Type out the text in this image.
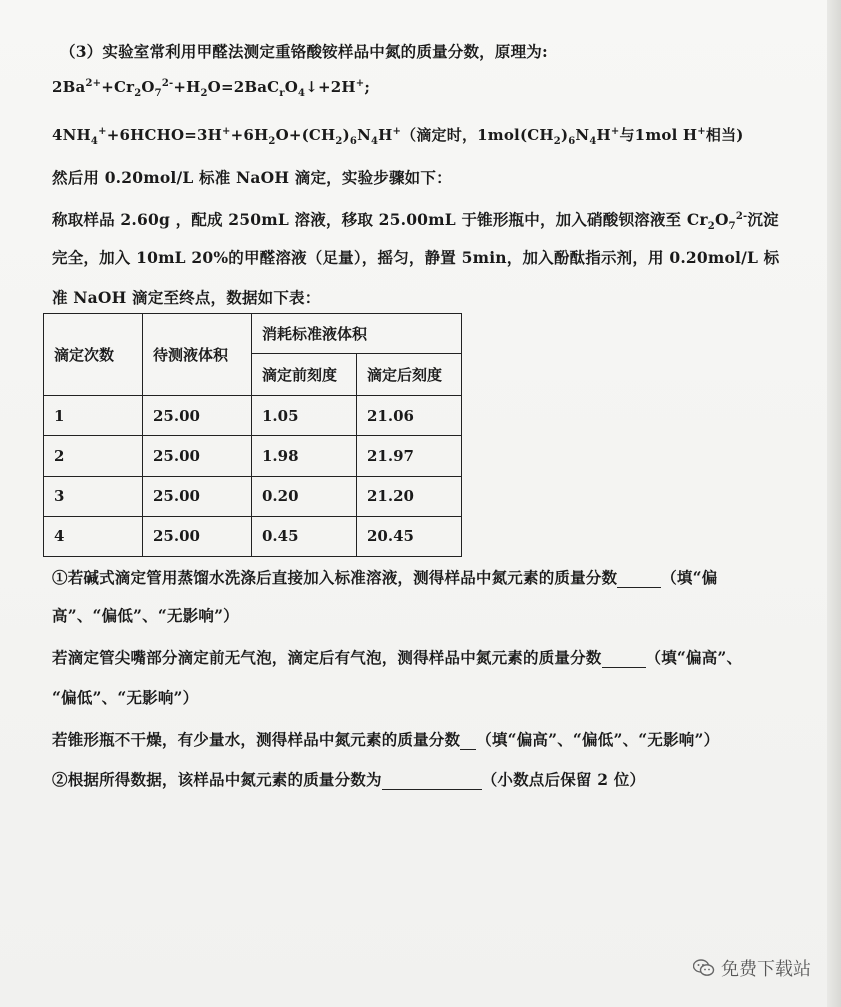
（3）实验室常利用甲醛法测定重铬酸铵样品中氮的质量分数，原理为:
$2Ba^{2+}+Cr_2O_7^{2-}+H_2O=2BaC_rO_4↓+2H^+$;
$4NH_4^++6HCHO=3H^++6H_2O+(CH_2)_6N_4H^+$（滴定时，$1mol(CH_2)_6N_4H^+$与1mol H+相当)
然后用 0.20mol/L 标准 NaOH 滴定，实验步骤如下：
称取样品 2.60g ，配成 250mL 溶液，移取 25.00mL 于锥形瓶中，加入硝酸钡溶液至 $Cr_2O_7^{2-}$沉淀
完全，加入 10mL 20%的甲醛溶液（足量），摇匀，静置 5min，加入酚酞指示剂，用 0.20mol/L 标
准 NaOH 滴定至终点，数据如下表：
滴定次数	待测液体积	消耗标准液体积	
		滴定前刻度	滴定后刻度
1	25.00	1.05	21.06
2	25.00	1.98	21.97
3	25.00	0.20	21.20
4	25.00	0.45	20.45
①若碱式滴定管用蒸馏水洗涤后直接加入标准溶液，测得样品中氮元素的质量分数	（填“偏
高”、“偏低”、“无影响”）
若滴定管尖嘴部分滴定前无气泡，滴定后有气泡，测得样品中氮元素的质量分数	（填“偏高”、
“偏低”、“无影响”）
若锥形瓶不干燥，有少量水，测得样品中氮元素的质量分数 （填“偏高”、“偏低”、“无影响”）
②根据所得数据，该样品中氮元素的质量分数为	（小数点后保留 2 位）
免费下载站
